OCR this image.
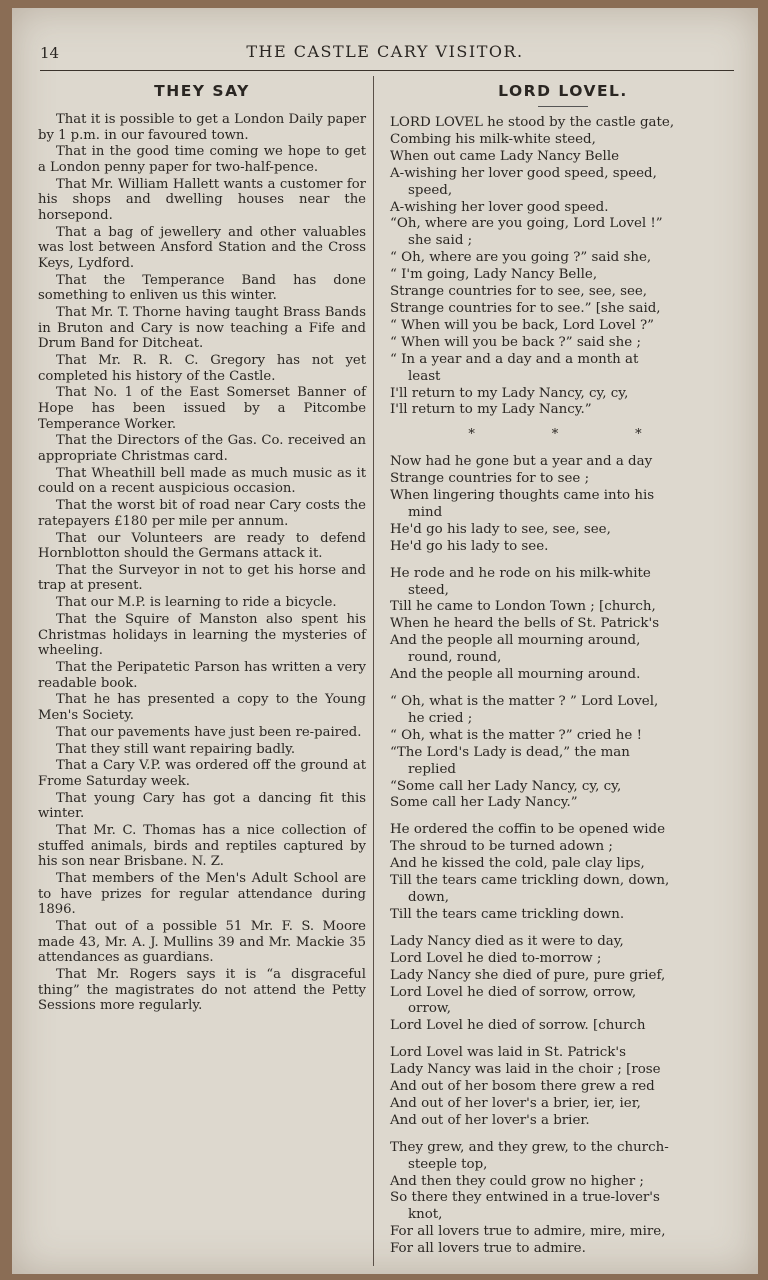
14	THE CASTLE CARY VISITOR.
THEY SAY

That it is possible to get a London Daily paper by 1 p.m. in our favoured town.

That in the good time coming we hope to get a London penny paper for two-half-pence.

That Mr. William Hallett wants a customer for his shops and dwelling houses near the horsepond.

That a bag of jewellery and other valuables was lost between Ansford Station and the Cross Keys, Lydford.

That the Temperance Band has done something to enliven us this winter.

That Mr. T. Thorne having taught Brass Bands in Bruton and Cary is now teaching a Fife and Drum Band for Ditcheat.

That Mr. R. R. C. Gregory has not yet completed his history of the Castle.

That No. 1 of the East Somerset Banner of Hope has been issued by a Pitcombe Temperance Worker.

That the Directors of the Gas. Co. received an appropriate Christmas card.

That Wheathill bell made as much music as it could on a recent auspicious occasion.

That the worst bit of road near Cary costs the ratepayers £180 per mile per annum.

That our Volunteers are ready to defend Hornblotton should the Germans attack it.

That the Surveyor in not to get his horse and trap at present.

That our M.P. is learning to ride a bicycle.

That the Squire of Manston also spent his Christmas holidays in learning the mysteries of wheeling.

That the Peripatetic Parson has written a very readable book.

That he has presented a copy to the Young Men's Society.

That our pavements have just been re-paired.

That they still want repairing badly.

That a Cary V.P. was ordered off the ground at Frome Saturday week.

That young Cary has got a dancing fit this winter.

That Mr. C. Thomas has a nice collection of stuffed animals, birds and reptiles captured by his son near Brisbane. N. Z.

That members of the Men's Adult School are to have prizes for regular attendance during 1896.

That out of a possible 51 Mr. F. S. Moore made 43, Mr. A. J. Mullins 39 and Mr. Mackie 35 attendances as guardians.

That Mr. Rogers says it is “a disgraceful thing” the magistrates do not attend the Petty Sessions more regularly.

LORD LOVEL.
LORD LOVEL he stood by the castle gate,
Combing his milk-white steed,
When out came Lady Nancy Belle
A-wishing her lover good speed, speed,
speed,
A-wishing her lover good speed.
“Oh, where are you going, Lord Lovel !”
she said ;
“ Oh, where are you going ?” said she,
“ I'm going, Lady Nancy Belle,
Strange countries for to see, see, see,
Strange countries for to see.” [she said,
“ When will you be back, Lord Lovel ?”
“ When will you be back ?” said she ;
“ In a year and a day and a month at
least
I'll return to my Lady Nancy, cy, cy,
I'll return to my Lady Nancy.”
*	*	*
Now had he gone but a year and a day
Strange countries for to see ;
When lingering thoughts came into his
mind
He'd go his lady to see, see, see,
He'd go his lady to see.
He rode and he rode on his milk-white
steed,
Till he came to London Town ; [church,
When he heard the bells of St. Patrick's
And the people all mourning around,
round, round,
And the people all mourning around.
“ Oh, what is the matter ? ” Lord Lovel,
he cried ;
“ Oh, what is the matter ?” cried he !
“The Lord's Lady is dead,” the man
replied
“Some call her Lady Nancy, cy, cy,
Some call her Lady Nancy.”
He ordered the coffin to be opened wide
The shroud to be turned adown ;
And he kissed the cold, pale clay lips,
Till the tears came trickling down, down,
down,
Till the tears came trickling down.
Lady Nancy died as it were to day,
Lord Lovel he died to-morrow ;
Lady Nancy she died of pure, pure grief,
Lord Lovel he died of sorrow, orrow,
orrow,
Lord Lovel he died of sorrow. [church
Lord Lovel was laid in St. Patrick's
Lady Nancy was laid in the choir ; [rose
And out of her bosom there grew a red
And out of her lover's a brier, ier, ier,
And out of her lover's a brier.
They grew, and they grew, to the church-
steeple top,
And then they could grow no higher ;
So there they entwined in a true-lover's
knot,
For all lovers true to admire, mire, mire,
For all lovers true to admire.
